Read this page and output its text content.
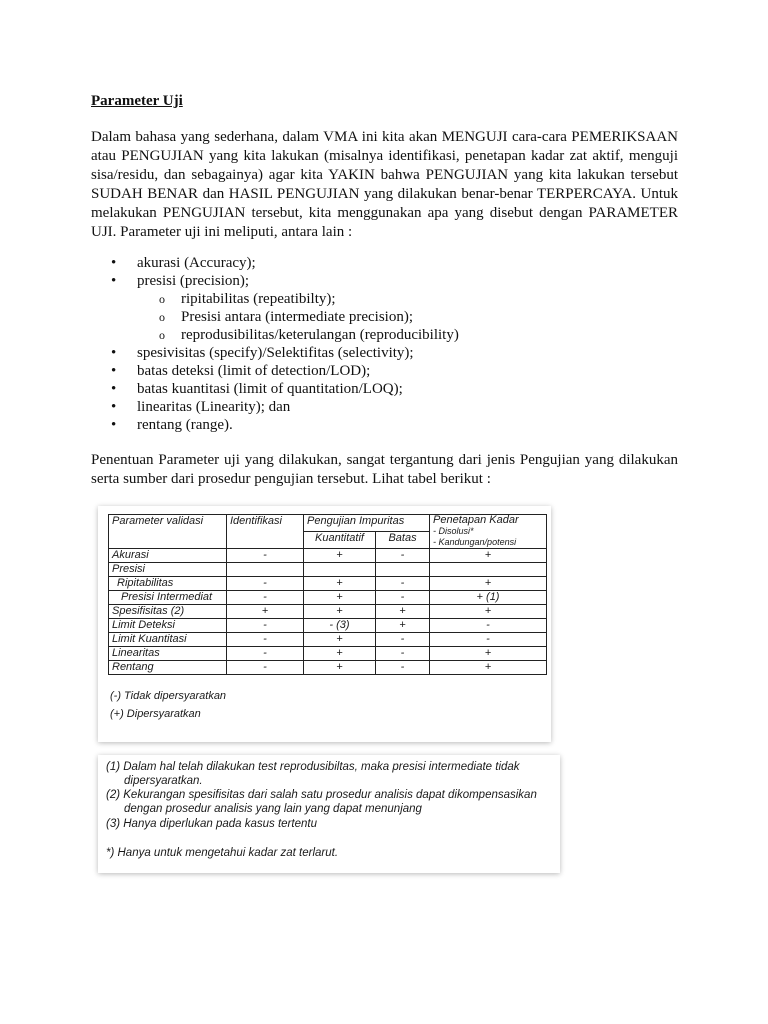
Parameter Uji

Dalam bahasa yang sederhana, dalam VMA ini kita akan MENGUJI cara-cara PEMERIKSAAN atau PENGUJIAN yang kita lakukan (misalnya identifikasi, penetapan kadar zat aktif, menguji sisa/residu, dan sebagainya) agar kita YAKIN bahwa PENGUJIAN yang kita lakukan tersebut SUDAH BENAR dan HASIL PENGUJIAN yang dilakukan benar-benar TERPERCAYA. Untuk melakukan PENGUJIAN tersebut, kita menggunakan apa yang disebut dengan PARAMETER UJI. Parameter uji ini meliputi, antara lain :

• akurasi (Accuracy);
• presisi (precision);
o ripitabilitas (repeatibilty);
o Presisi antara (intermediate precision);
o reprodusibilitas/keterulangan (reproducibility)
• spesivisitas (specify)/Selektifitas (selectivity);
• batas deteksi (limit of detection/LOD);
• batas kuantitasi (limit of quantitation/LOQ);
• linearitas (Linearity); dan
• rentang (range).

Penentuan Parameter uji yang dilakukan, sangat tergantung dari jenis Pengujian yang dilakukan serta sumber dari prosedur pengujian tersebut. Lihat tabel berikut :

Parameter validasi	Identifikasi	Pengujian Impuritas		Penetapan Kadar
- Disolusi*
- Kandungan/potensi

		Kuantitatif	Batas	
Akurasi	-	+	-	+
Presisi				
Ripitabilitas	-	+	-	+
Presisi Intermediat	-	+	-	+ (1)
Spesifisitas (2)	+	+	+	+
Limit Deteksi	-	- (3)	+	-
Limit Kuantitasi	-	+	-	-
Linearitas	-	+	-	+
Rentang	-	+	-	+
(-) Tidak dipersyaratkan
(+) Dipersyaratkan
(1) Dalam hal telah dilakukan test reprodusibiltas, maka presisi intermediate tidak
dipersyaratkan.
(2) Kekurangan spesifisitas dari salah satu prosedur analisis dapat dikompensasikan
dengan prosedur analisis yang lain yang dapat menunjang
(3) Hanya diperlukan pada kasus tertentu
*) Hanya untuk mengetahui kadar zat terlarut.
